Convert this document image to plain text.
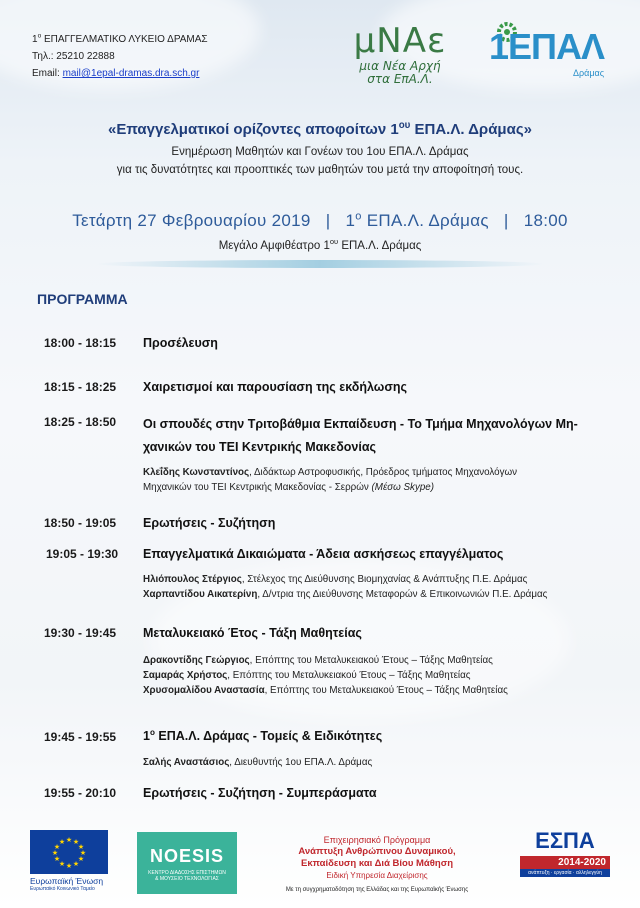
$1^o$ ΕΠΑΓΓΕΛΜΑΤΙΚΟ ΛΥΚΕΙΟ ΔΡΑΜΑΣ
Τηλ.: 25210 22888
Email: mail@1epal-dramas.dra.sch.gr
μΝΑε
μια Νέα Αρχή
στα ΕπΑ.Λ.
1ΕΠΑΛ
Δράμας
«Επαγγελματικοί ορίζοντες αποφοίτων $1^{o\upsilon}$ ΕΠΑ.Λ. Δράμας»
Ενημέρωση Μαθητών και Γονέων του 1ου ΕΠΑ.Λ. Δράμας
για τις δυνατότητες και προοπτικές των μαθητών του μετά την αποφοίτησή τους.
Τετάρτη 27 Φεβρουαρίου 2019 | $1^o$ ΕΠΑ.Λ. Δράμας | 18:00
Μεγάλο Αμφιθέατρο $1^{o\upsilon}$ ΕΠΑ.Λ. Δράμας
ΠΡΟΓΡΑΜΜΑ
18:00 - 18:15 Προσέλευση
18:15 - 18:25 Χαιρετισμοί και παρουσίαση της εκδήλωσης
18:25 - 18:50 Οι σπουδές στην Τριτοβάθμια Εκπαίδευση - Το Τμήμα Μηχανολόγων Μη-
χανικών του ΤΕΙ Κεντρικής Μακεδονίας
Κλεΐδης Κωνσταντίνος, Διδάκτωρ Αστροφυσικής, Πρόεδρος τμήματος Μηχανολόγων
Μηχανικών του ΤΕΙ Κεντρικής Μακεδονίας - Σερρών (Μέσω Skype)
18:50 - 19:05 Ερωτήσεις - Συζήτηση
19:05 - 19:30 Επαγγελματικά Δικαιώματα - Άδεια ασκήσεως επαγγέλματος
Ηλιόπουλος Στέργιος, Στέλεχος της Διεύθυνσης Βιομηχανίας & Ανάπτυξης Π.Ε. Δράμας
Χαρπαντίδου Αικατερίνη, Δ/ντρια της Διεύθυνσης Μεταφορών & Επικοινωνιών Π.Ε. Δράμας
19:30 - 19:45 Μεταλυκειακό Έτος - Τάξη Μαθητείας
Δρακοντίδης Γεώργιος, Επόπτης του Μεταλυκειακού Έτους – Τάξης Μαθητείας
Σαμαράς Χρήστος, Επόπτης του Μεταλυκειακού Έτους – Τάξης Μαθητείας
Χρυσομαλίδου Αναστασία, Επόπτης του Μεταλυκειακού Έτους – Τάξης Μαθητείας
19:45 - 19:55 $1^o$ ΕΠΑ.Λ. Δράμας - Τομείς & Ειδικότητες
Σαλής Αναστάσιος, Διευθυντής 1ου ΕΠΑ.Λ. Δράμας
19:55 - 20:10 Ερωτήσεις - Συζήτηση - Συμπεράσματα
★ ★
★
★
★
★
★
★
★
★
★
★
Ευρωπαϊκή Ένωση
Ευρωπαϊκό Κοινωνικό Ταμείο
NOESIS
ΚΕΝΤΡΟ ΔΙΑΔΟΣΗΣ ΕΠΙΣΤΗΜΩΝ
& ΜΟΥΣΕΙΟ ΤΕΧΝΟΛΟΓΙΑΣ
Επιχειρησιακό Πρόγραμμα
Ανάπτυξη Ανθρώπινου Δυναμικού,
Εκπαίδευση και Διά Βίου Μάθηση
Ειδική Υπηρεσία Διαχείρισης
Με τη συγχρηματοδότηση της Ελλάδας και της Ευρωπαϊκής Ένωσης
ΕΣΠΑ
2014-2020
ανάπτυξη · εργασία · αλληλεγγύη
